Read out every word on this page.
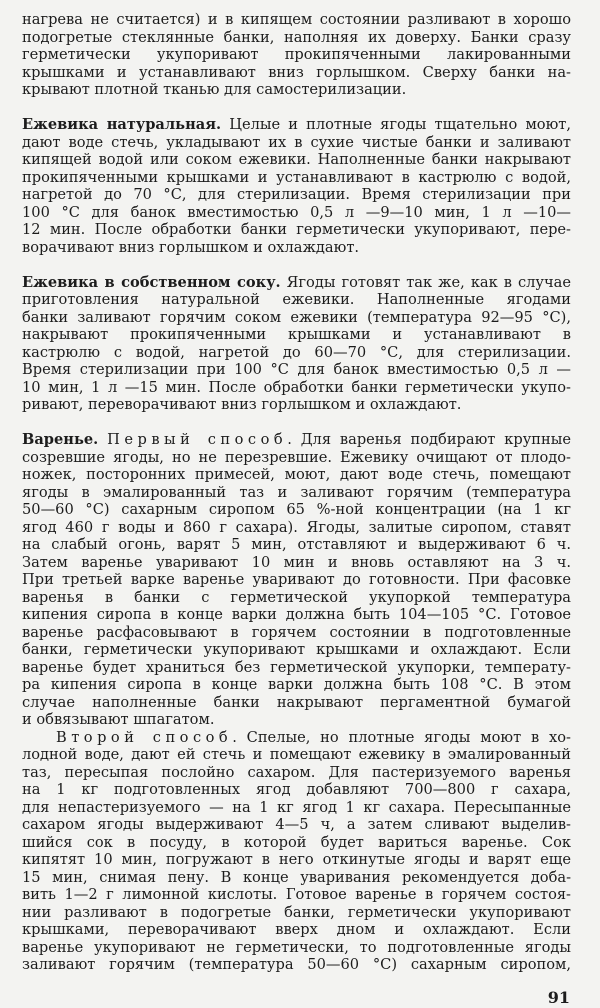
нагрева не считается) и в кипящем состоянии разливают в хорошо
подогретые стеклянные банки, наполняя их доверху. Банки сразу
герметически укупоривают прокипяченными лакированными
крышками и устанавливают вниз горлышком. Сверху банки на-
крывают плотной тканью для самостерилизации.
Ежевика натуральная. Целые и плотные ягоды тщательно моют,
дают воде стечь, укладывают их в сухие чистые банки и заливают
кипящей водой или соком ежевики. Наполненные банки накрывают
прокипяченными крышками и устанавливают в кастрюлю с водой,
нагретой до 70 °С, для стерилизации. Время стерилизации при
100 °С для банок вместимостью 0,5 л —9—10 мин, 1 л —10—
12 мин. После обработки банки герметически укупоривают, пере-
ворачивают вниз горлышком и охлаждают.
Ежевика в собственном соку. Ягоды готовят так же, как в случае
приготовления натуральной ежевики. Наполненные ягодами
банки заливают горячим соком ежевики (температура 92—95 °С),
накрывают прокипяченными крышками и устанавливают в
кастрюлю с водой, нагретой до 60—70 °С, для стерилизации.
Время стерилизации при 100 °С для банок вместимостью 0,5 л —
10 мин, 1 л —15 мин. После обработки банки герметически укупо-
ривают, переворачивают вниз горлышком и охлаждают.
Варенье. Первый способ. Для варенья подбирают крупные
созревшие ягоды, но не перезревшие. Ежевику очищают от плодо-
ножек, посторонних примесей, моют, дают воде стечь, помещают
ягоды в эмалированный таз и заливают горячим (температура
50—60 °С) сахарным сиропом 65 %-ной концентрации (на 1 кг
ягод 460 г воды и 860 г сахара). Ягоды, залитые сиропом, ставят
на слабый огонь, варят 5 мин, отставляют и выдерживают 6 ч.
Затем варенье уваривают 10 мин и вновь оставляют на 3 ч.
При третьей варке варенье уваривают до готовности. При фасовке
варенья в банки с герметической укупоркой температура
кипения сиропа в конце варки должна быть 104—105 °С. Готовое
варенье расфасовывают в горячем состоянии в подготовленные
банки, герметически укупоривают крышками и охлаждают. Если
варенье будет храниться без герметической укупорки, температу-
ра кипения сиропа в конце варки должна быть 108 °С. В этом
случае наполненные банки накрывают пергаментной бумагой
и обвязывают шпагатом.
Второй способ. Спелые, но плотные ягоды моют в хо-
лодной воде, дают ей стечь и помещают ежевику в эмалированный
таз, пересыпая послойно сахаром. Для пастеризуемого варенья
на 1 кг подготовленных ягод добавляют 700—800 г сахара,
для непастеризуемого — на 1 кг ягод 1 кг сахара. Пересыпанные
сахаром ягоды выдерживают 4—5 ч, а затем сливают выделив-
шийся сок в посуду, в которой будет вариться варенье. Сок
кипятят 10 мин, погружают в него откинутые ягоды и варят еще
15 мин, снимая пену. В конце уваривания рекомендуется доба-
вить 1—2 г лимонной кислоты. Готовое варенье в горячем состоя-
нии разливают в подогретые банки, герметически укупоривают
крышками, переворачивают вверх дном и охлаждают. Если
варенье укупоривают не герметически, то подготовленные ягоды
заливают горячим (температура 50—60 °С) сахарным сиропом,
91
